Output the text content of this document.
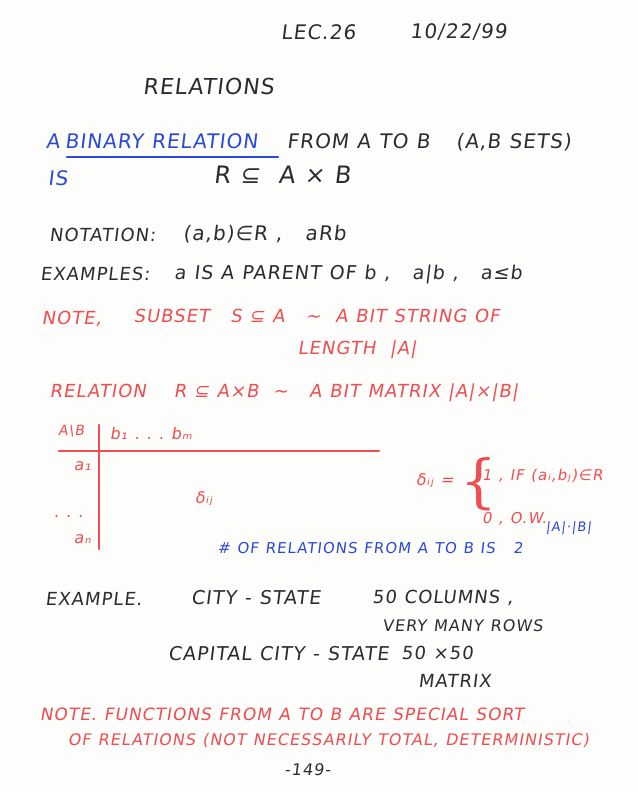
LEC.26	10/22/99
RELATIONS
A BINARY RELATION FROM A TO B (A,B SETS)
IS	R ⊆  A × B
NOTATION: (a,b)∈R ,   aRb
EXAMPLES: a IS A PARENT OF b ,   a|b ,   a≤b
NOTE, SUBSET   S ⊆ A   ~  A BIT STRING OF
LENGTH  |A|
RELATION    R ⊆ A×B  ~   A BIT MATRIX |A|×|B|
A\B b₁ . . . bₘ
a₁
. . .
aₙ
δᵢⱼ
δᵢⱼ = {
1 , IF (aᵢ,bⱼ)∈R
0 , O.W.
# OF RELATIONS FROM A TO B IS   2
|A|·|B|
EXAMPLE. CITY - STATE	50 COLUMNS ,
VERY MANY ROWS
CAPITAL CITY - STATE 50 ×50
MATRIX
NOTE. FUNCTIONS FROM A TO B ARE SPECIAL SORT
OF RELATIONS (NOT NECESSARILY TOTAL, DETERMINISTIC)
-149-
